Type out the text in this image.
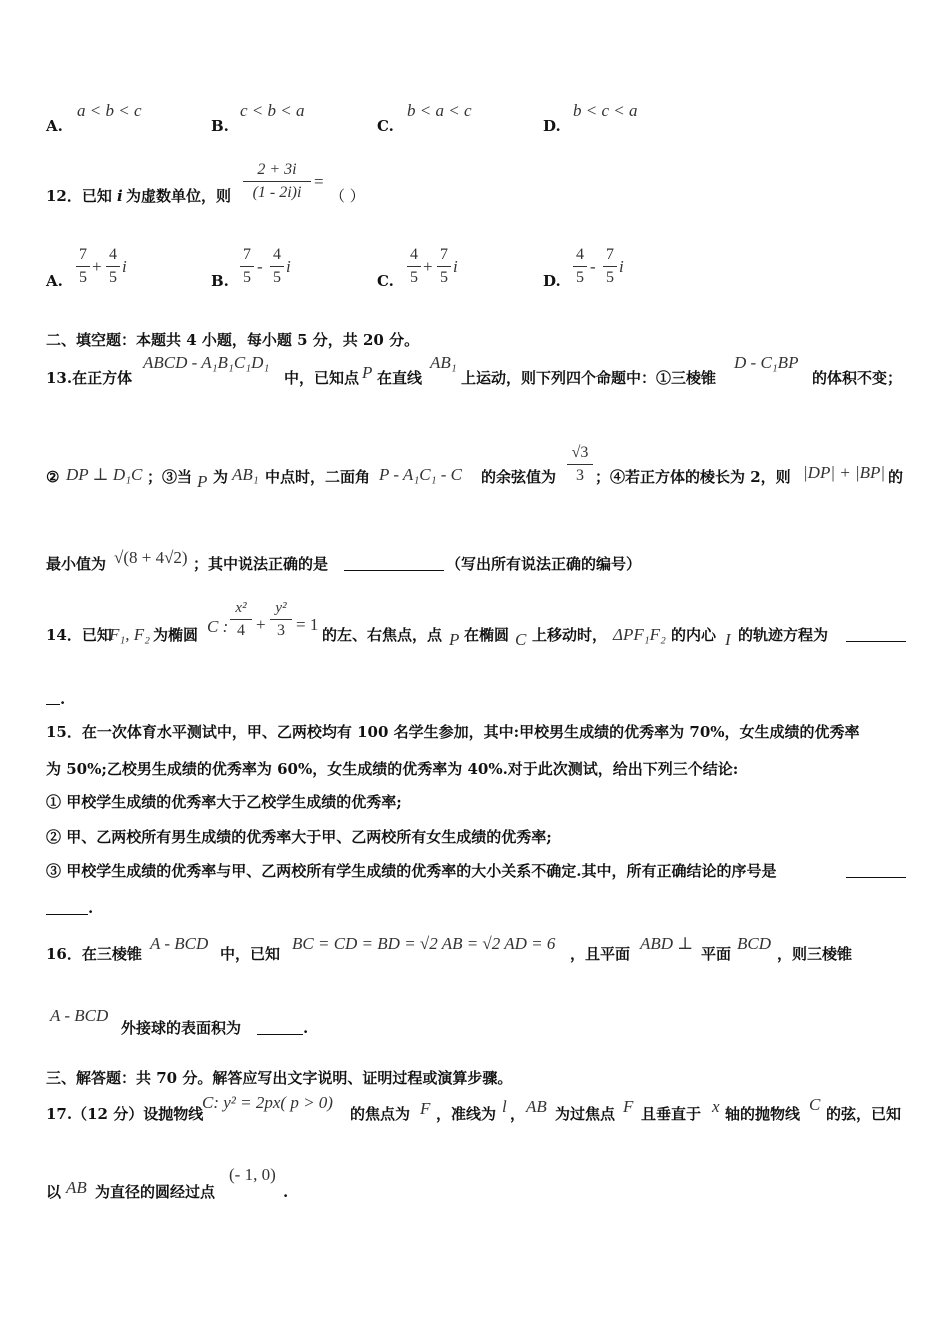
A.
a < b < c
B.
c < b < a
C.
b < a < c
D.
b < c < a
12．已知 i 为虚数单位，则
2 + 3i
(1 - 2i)i
=
（ ）
A.
7
5
+
4
5
i
B.
7
5
-
4
5
i
C.
4
5
+
7
5
i
D.
4
5
-
7
5
i
二、填空题：本题共 4 小题，每小题 5 分，共 20 分。
13.在正方体
ABCD - A₁B₁C₁D₁
中，已知点 P 在直线
AB₁
上运动，则下列四个命题中：①三棱锥
D - C₁BP
的体积不变；
② DP ⊥ D₁C ；③当 P 为 AB₁ 中点时，二面角 P - A₁C₁ - C 的余弦值为
√3
3 ；④若正方体的棱长为 2，则 |DP| + |BP| 的
最小值为 √(8 + 4√2) ；其中说法正确的是	（写出所有说法正确的编号）
14．已知
F₁, F₂ 为椭圆 C :
x²
4 +
y²
3 = 1
的左、右焦点，点 P 在椭圆 C 上移动时， ΔPF₁F₂ 的内心 I 的轨迹方程为
.
15．在一次体育水平测试中，甲、乙两校均有 100 名学生参加，其中:甲校男生成绩的优秀率为 70%，女生成绩的优秀率
为 50%;乙校男生成绩的优秀率为 60%，女生成绩的优秀率为 40%.对于此次测试，给出下列三个结论:
① 甲校学生成绩的优秀率大于乙校学生成绩的优秀率;
② 甲、乙两校所有男生成绩的优秀率大于甲、乙两校所有女生成绩的优秀率;
③ 甲校学生成绩的优秀率与甲、乙两校所有学生成绩的优秀率的大小关系不确定.其中，所有正确结论的序号是
.
16．在三棱锥
A - BCD
中，已知
BC = CD = BD = √2 AB = √2 AD = 6
，且平面
ABD ⊥
平面
BCD
，则三棱锥
A - BCD
外接球的表面积为	.
三、解答题：共 70 分。解答应写出文字说明、证明过程或演算步骤。
17.（12 分）设抛物线
C: y² = 2px( p > 0)
的焦点为 F ，准线为 l ， AB 为过焦点 F 且垂直于 x 轴的抛物线 C 的弦，已知
以 AB 为直径的圆经过点
(- 1, 0)
.
